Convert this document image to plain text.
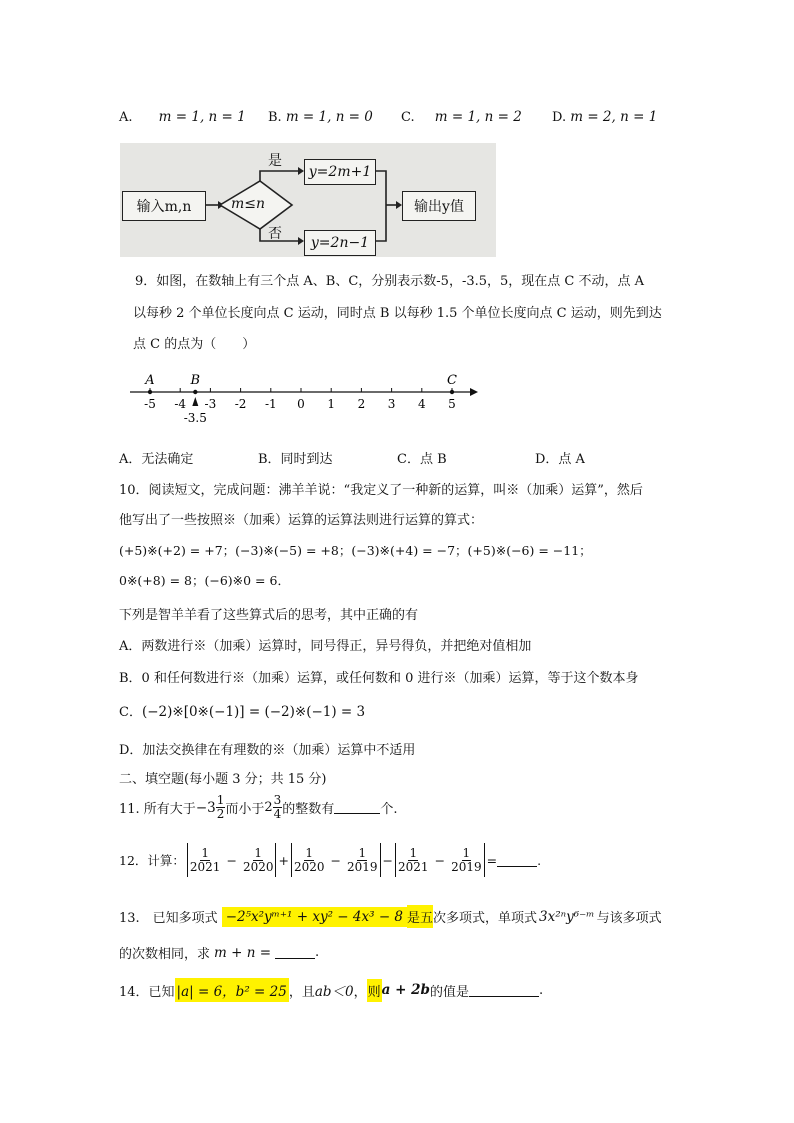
A. m = 1, n = 1 B. m = 1, n = 0 C. m = 1, n = 2 D. m = 2, n = 1
输入m,n	m≤n
是
否
y=2m+1
y=2n−1
输出y值
9．如图，在数轴上有三个点 A、B、C，分别表示数-5，-3.5，5，现在点 C 不动，点 A
以每秒 2 个单位长度向点 C 运动，同时点 B 以每秒 1.5 个单位长度向点 C 运动，则先到达
点 C 的点为（　　）
-5 -4 -3 -2 -1 0 1 2 3 4 5
A	B	C
-3.5
A．无法确定	B．同时到达	C．点 B	D．点 A
10．阅读短文，完成问题：沸羊羊说：“我定义了一种新的运算，叫※（加乘）运算”，然后
他写出了一些按照※（加乘）运算的运算法则进行运算的算式：
(+5)※(+2) = +7；(−3)※(−5) = +8；(−3)※(+4) = −7；(+5)※(−6) = −11；
0※(+8) = 8；(−6)※0 = 6．
下列是智羊羊看了这些算式后的思考，其中正确的有
A．两数进行※（加乘）运算时，同号得正，异号得负，并把绝对值相加
B．0 和任何数进行※（加乘）运算，或任何数和 0 进行※（加乘）运算，等于这个数本身
C．(−2)※[0※(−1)] = (−2)※(−1) = 3
D．加法交换律在有理数的※（加乘）运算中不适用
二、填空题(每小题 3 分；共 15 分)
11. 所有大于 $-3 \frac{1}{2}$ 而小于 $2 \frac{3}{4}$ 的整数有	个.
12．计算： $\frac{1}{2021} - \frac{1}{2020} + \frac{1}{2020} - \frac{1}{2019} - \frac{1}{2021} - \frac{1}{2019}$ =	.
13.　已知多项式 −2⁵x²yᵐ⁺¹ + xy² − 4x³ − 8 是五 次多项式，单项式 3x²ⁿy⁶⁻ᵐ 与该多项式
的次数相同，求 m + n =	.
14．已知 |a| = 6，b² = 25 ，且 ab＜0 ， 则 a + 2b 的值是	.
